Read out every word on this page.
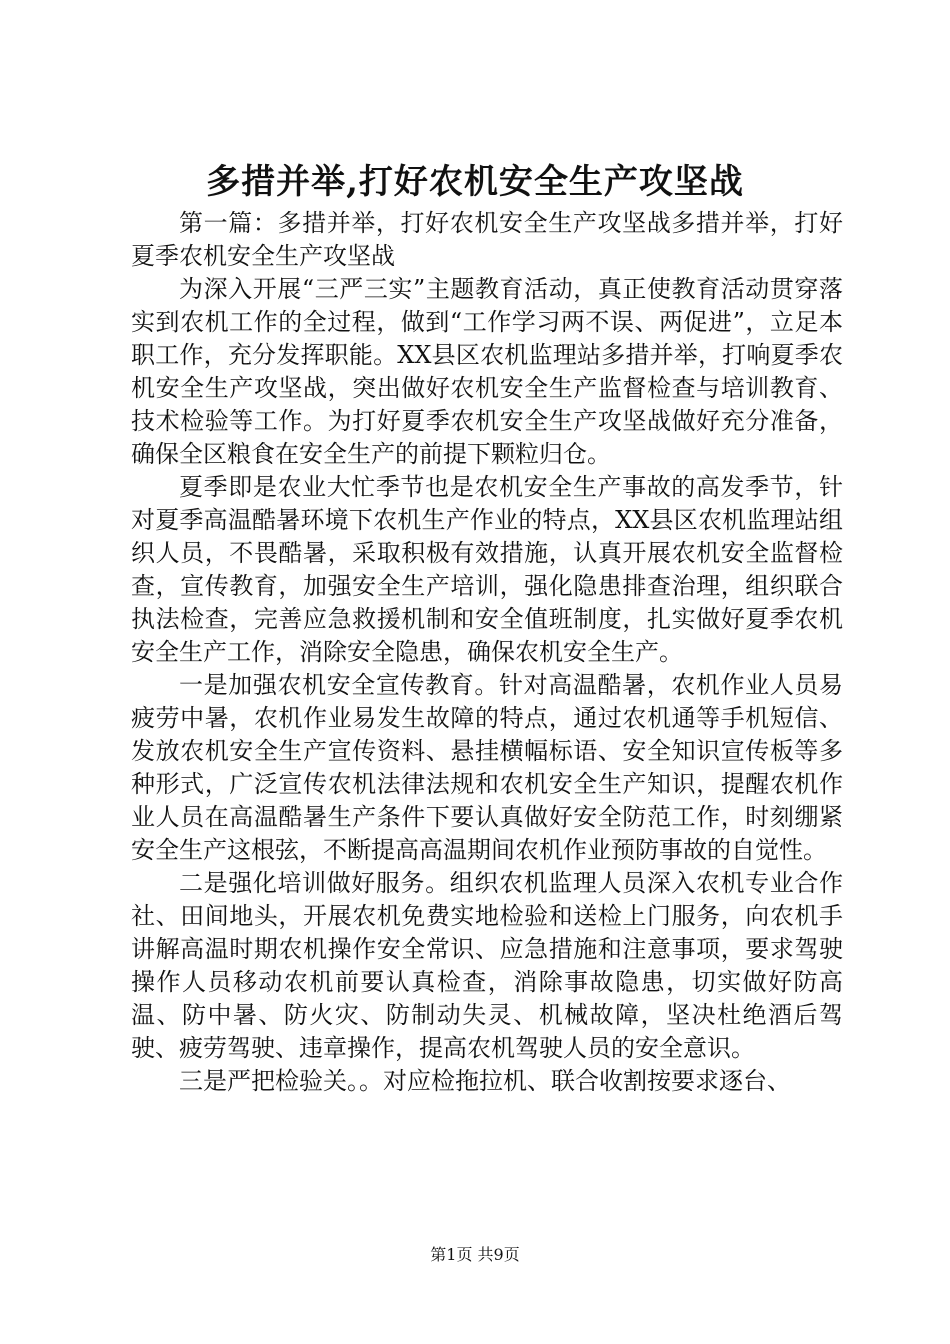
多措并举,打好农机安全生产攻坚战

第一篇：多措并举，打好农机安全生产攻坚战多措并举，打好夏季农机安全生产攻坚战

为深入开展“三严三实”主题教育活动，真正使教育活动贯穿落实到农机工作的全过程，做到“工作学习两不误、两促进”，立足本职工作，充分发挥职能。XX县区农机监理站多措并举，打响夏季农机安全生产攻坚战，突出做好农机安全生产监督检查与培训教育、技术检验等工作。为打好夏季农机安全生产攻坚战做好充分准备，确保全区粮食在安全生产的前提下颗粒归仓。

夏季即是农业大忙季节也是农机安全生产事故的高发季节，针对夏季高温酷暑环境下农机生产作业的特点，XX县区农机监理站组织人员，不畏酷暑，采取积极有效措施，认真开展农机安全监督检查，宣传教育，加强安全生产培训，强化隐患排查治理，组织联合执法检查，完善应急救援机制和安全值班制度，扎实做好夏季农机安全生产工作，消除安全隐患，确保农机安全生产。

一是加强农机安全宣传教育。针对高温酷暑，农机作业人员易疲劳中暑，农机作业易发生故障的特点，通过农机通等手机短信、发放农机安全生产宣传资料、悬挂横幅标语、安全知识宣传板等多种形式，广泛宣传农机法律法规和农机安全生产知识，提醒农机作业人员在高温酷暑生产条件下要认真做好安全防范工作，时刻绷紧安全生产这根弦，不断提高高温期间农机作业预防事故的自觉性。

二是强化培训做好服务。组织农机监理人员深入农机专业合作社、田间地头，开展农机免费实地检验和送检上门服务，向农机手讲解高温时期农机操作安全常识、应急措施和注意事项，要求驾驶操作人员移动农机前要认真检查，消除事故隐患，切实做好防高温、防中暑、防火灾、防制动失灵、机械故障，坚决杜绝酒后驾驶、疲劳驾驶、违章操作，提高农机驾驶人员的安全意识。

三是严把检验关。。对应检拖拉机、联合收割按要求逐台、

第1页 共9页
